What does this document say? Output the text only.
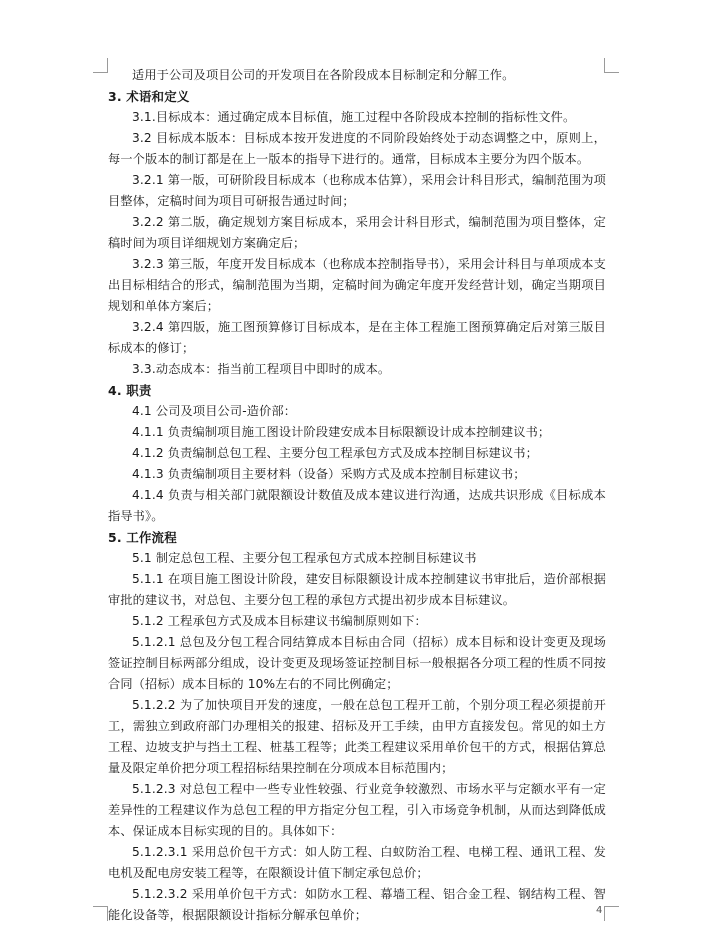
适用于公司及项目公司的开发项目在各阶段成本目标制定和分解工作。

3. 术语和定义

3.1.目标成本：通过确定成本目标值，施工过程中各阶段成本控制的指标性文件。

3.2 目标成本版本：目标成本按开发进度的不同阶段始终处于动态调整之中，原则上，每一个版本的制订都是在上一版本的指导下进行的。通常，目标成本主要分为四个版本。

3.2.1 第一版，可研阶段目标成本（也称成本估算），采用会计科目形式，编制范围为项目整体，定稿时间为项目可研报告通过时间；

3.2.2 第二版，确定规划方案目标成本，采用会计科目形式，编制范围为项目整体，定稿时间为项目详细规划方案确定后；

3.2.3 第三版，年度开发目标成本（也称成本控制指导书），采用会计科目与单项成本支出目标相结合的形式，编制范围为当期，定稿时间为确定年度开发经营计划，确定当期项目规划和单体方案后；

3.2.4 第四版，施工图预算修订目标成本，是在主体工程施工图预算确定后对第三版目标成本的修订；

3.3.动态成本：指当前工程项目中即时的成本。

4. 职责

4.1 公司及项目公司-造价部：

4.1.1 负责编制项目施工图设计阶段建安成本目标限额设计成本控制建议书；

4.1.2 负责编制总包工程、主要分包工程承包方式及成本控制目标建议书；

4.1.3 负责编制项目主要材料（设备）采购方式及成本控制目标建议书；

4.1.4 负责与相关部门就限额设计数值及成本建议进行沟通，达成共识形成《目标成本指导书》。

5. 工作流程

5.1 制定总包工程、主要分包工程承包方式成本控制目标建议书

5.1.1 在项目施工图设计阶段，建安目标限额设计成本控制建议书审批后，造价部根据审批的建议书，对总包、主要分包工程的承包方式提出初步成本目标建议。

5.1.2 工程承包方式及成本目标建议书编制原则如下：

5.1.2.1 总包及分包工程合同结算成本目标由合同（招标）成本目标和设计变更及现场签证控制目标两部分组成，设计变更及现场签证控制目标一般根据各分项工程的性质不同按合同（招标）成本目标的 10%左右的不同比例确定；

5.1.2.2 为了加快项目开发的速度，一般在总包工程开工前，个别分项工程必须提前开工，需独立到政府部门办理相关的报建、招标及开工手续，由甲方直接发包。常见的如土方工程、边坡支护与挡土工程、桩基工程等；此类工程建议采用单价包干的方式，根据估算总量及限定单价把分项工程招标结果控制在分项成本目标范围内；

5.1.2.3 对总包工程中一些专业性较强、行业竞争较激烈、市场水平与定额水平有一定差异性的工程建议作为总包工程的甲方指定分包工程，引入市场竞争机制，从而达到降低成本、保证成本目标实现的目的。具体如下：

5.1.2.3.1 采用总价包干方式：如人防工程、白蚁防治工程、电梯工程、通讯工程、发电机及配电房安装工程等，在限额设计值下制定承包总价；

5.1.2.3.2 采用单价包干方式：如防水工程、幕墙工程、铝合金工程、钢结构工程、智能化设备等，根据限额设计指标分解承包单价；	4
